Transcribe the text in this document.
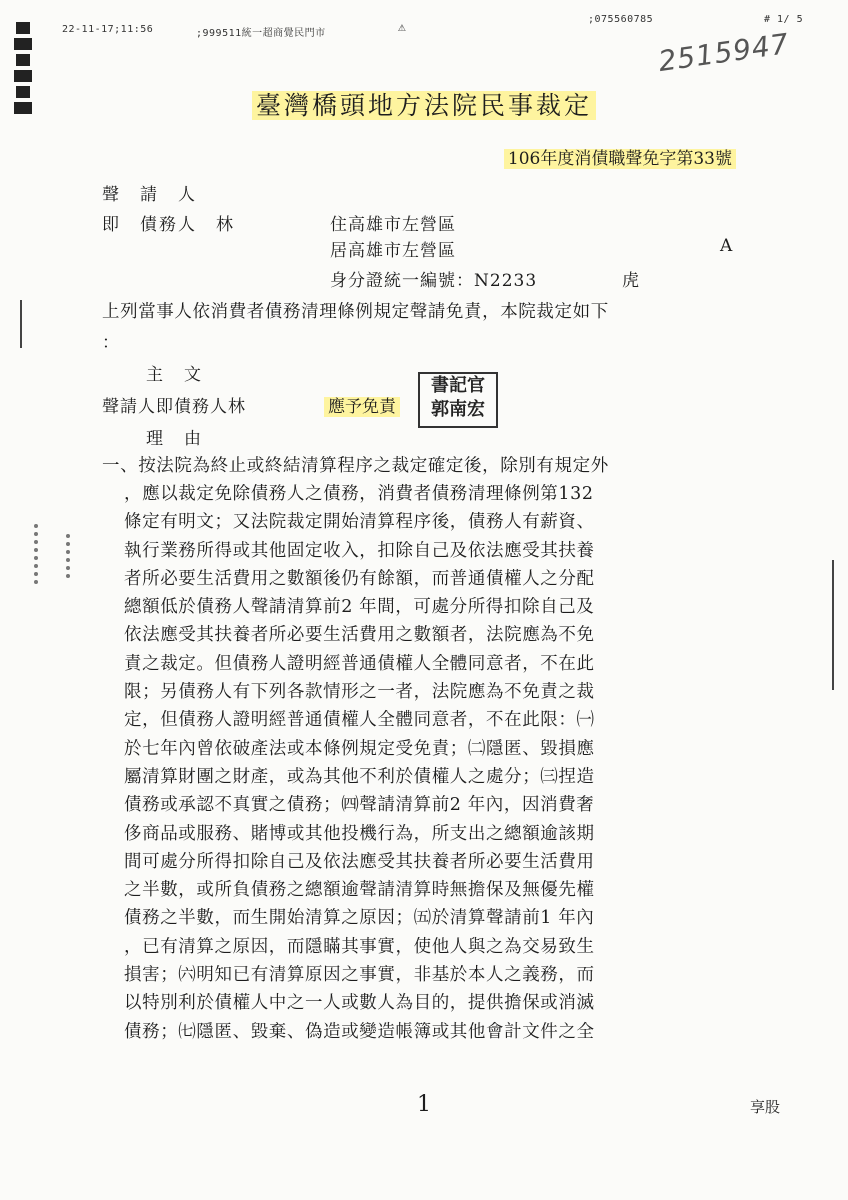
22-11-17;11:56	;999511統一超商覺民門市	⚠
;075560785	# 1/ 5
2515947
臺灣橋頭地方法院民事裁定
106年度消債職聲免字第33號
聲　請　人
即　債務人　林	住高雄市左營區
居高雄市左營區	A
身分證統一編號：N2233	虎
上列當事人依消費者債務清理條例規定聲請免責，本院裁定如下
：
主　文
聲請人即債務人林	應予免責
書記官 郭南宏
理　由
一、按法院為終止或終結清算程序之裁定確定後，除別有規定外
，應以裁定免除債務人之債務，消費者債務清理條例第132
條定有明文；又法院裁定開始清算程序後，債務人有薪資、
執行業務所得或其他固定收入，扣除自己及依法應受其扶養
者所必要生活費用之數額後仍有餘額，而普通債權人之分配
總額低於債務人聲請清算前2 年間，可處分所得扣除自己及
依法應受其扶養者所必要生活費用之數額者，法院應為不免
責之裁定。但債務人證明經普通債權人全體同意者，不在此
限；另債務人有下列各款情形之一者，法院應為不免責之裁
定，但債務人證明經普通債權人全體同意者，不在此限：㈠
於七年內曾依破產法或本條例規定受免責；㈡隱匿、毀損應
屬清算財團之財產，或為其他不利於債權人之處分；㈢捏造
債務或承認不真實之債務；㈣聲請清算前2 年內，因消費奢
侈商品或服務、賭博或其他投機行為，所支出之總額逾該期
間可處分所得扣除自己及依法應受其扶養者所必要生活費用
之半數，或所負債務之總額逾聲請清算時無擔保及無優先權
債務之半數，而生開始清算之原因；㈤於清算聲請前1 年內
，已有清算之原因，而隱瞞其事實，使他人與之為交易致生
損害；㈥明知已有清算原因之事實，非基於本人之義務，而
以特別利於債權人中之一人或數人為目的，提供擔保或消滅
債務；㈦隱匿、毀棄、偽造或變造帳簿或其他會計文件之全
1	享股
